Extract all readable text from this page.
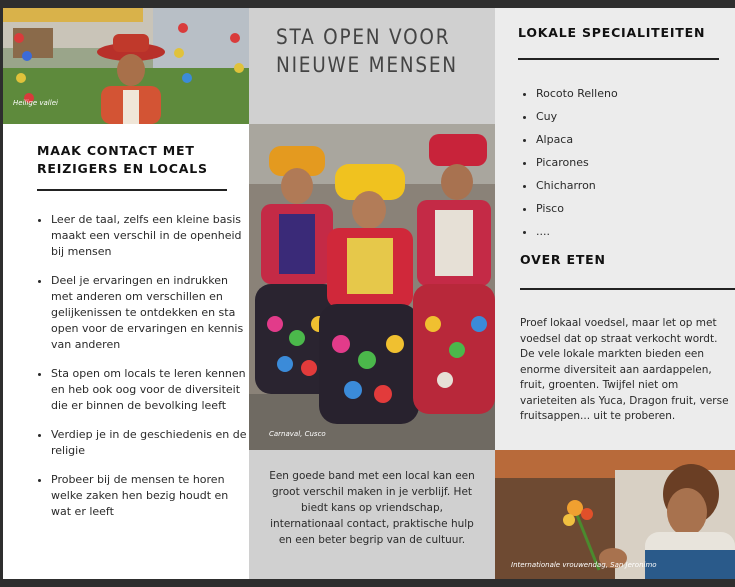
Heilige vallei
STA OPEN VOOR
NIEUWE MENSEN
MAAK CONTACT MET
REIZIGERS EN LOCALS
• Leer de taal, zelfs een kleine basis maakt een verschil in de openheid bij mensen
• Deel je ervaringen en indrukken met anderen om verschillen en gelijkenissen te ontdekken en sta open voor de ervaringen en kennis van anderen
• Sta open om locals te leren kennen en heb ook oog voor de diversiteit die er binnen de bevolking leeft
• Verdiep je in de geschiedenis en de religie
• Probeer bij de mensen te horen welke zaken hen bezig houdt en wat er leeft
Carnaval, Cusco
Een goede band met een local kan een groot verschil maken in je verblijf. Het biedt kans op vriendschap, internationaal contact, praktische hulp en een beter begrip van de cultuur.
LOKALE SPECIALITEITEN
• Rocoto Relleno
• Cuy
• Alpaca
• Picarones
• Chicharron
• Pisco
• ....
OVER ETEN
Proef lokaal voedsel, maar let op met
voedsel dat op straat verkocht wordt.
De vele lokale markten bieden een
enorme diversiteit aan aardappelen,
fruit, groenten. Twijfel niet om
varieteiten als Yuca, Dragon fruit, verse
fruitsappen... uit te proberen.
Internationale vrouwendag, San Jeronimo
